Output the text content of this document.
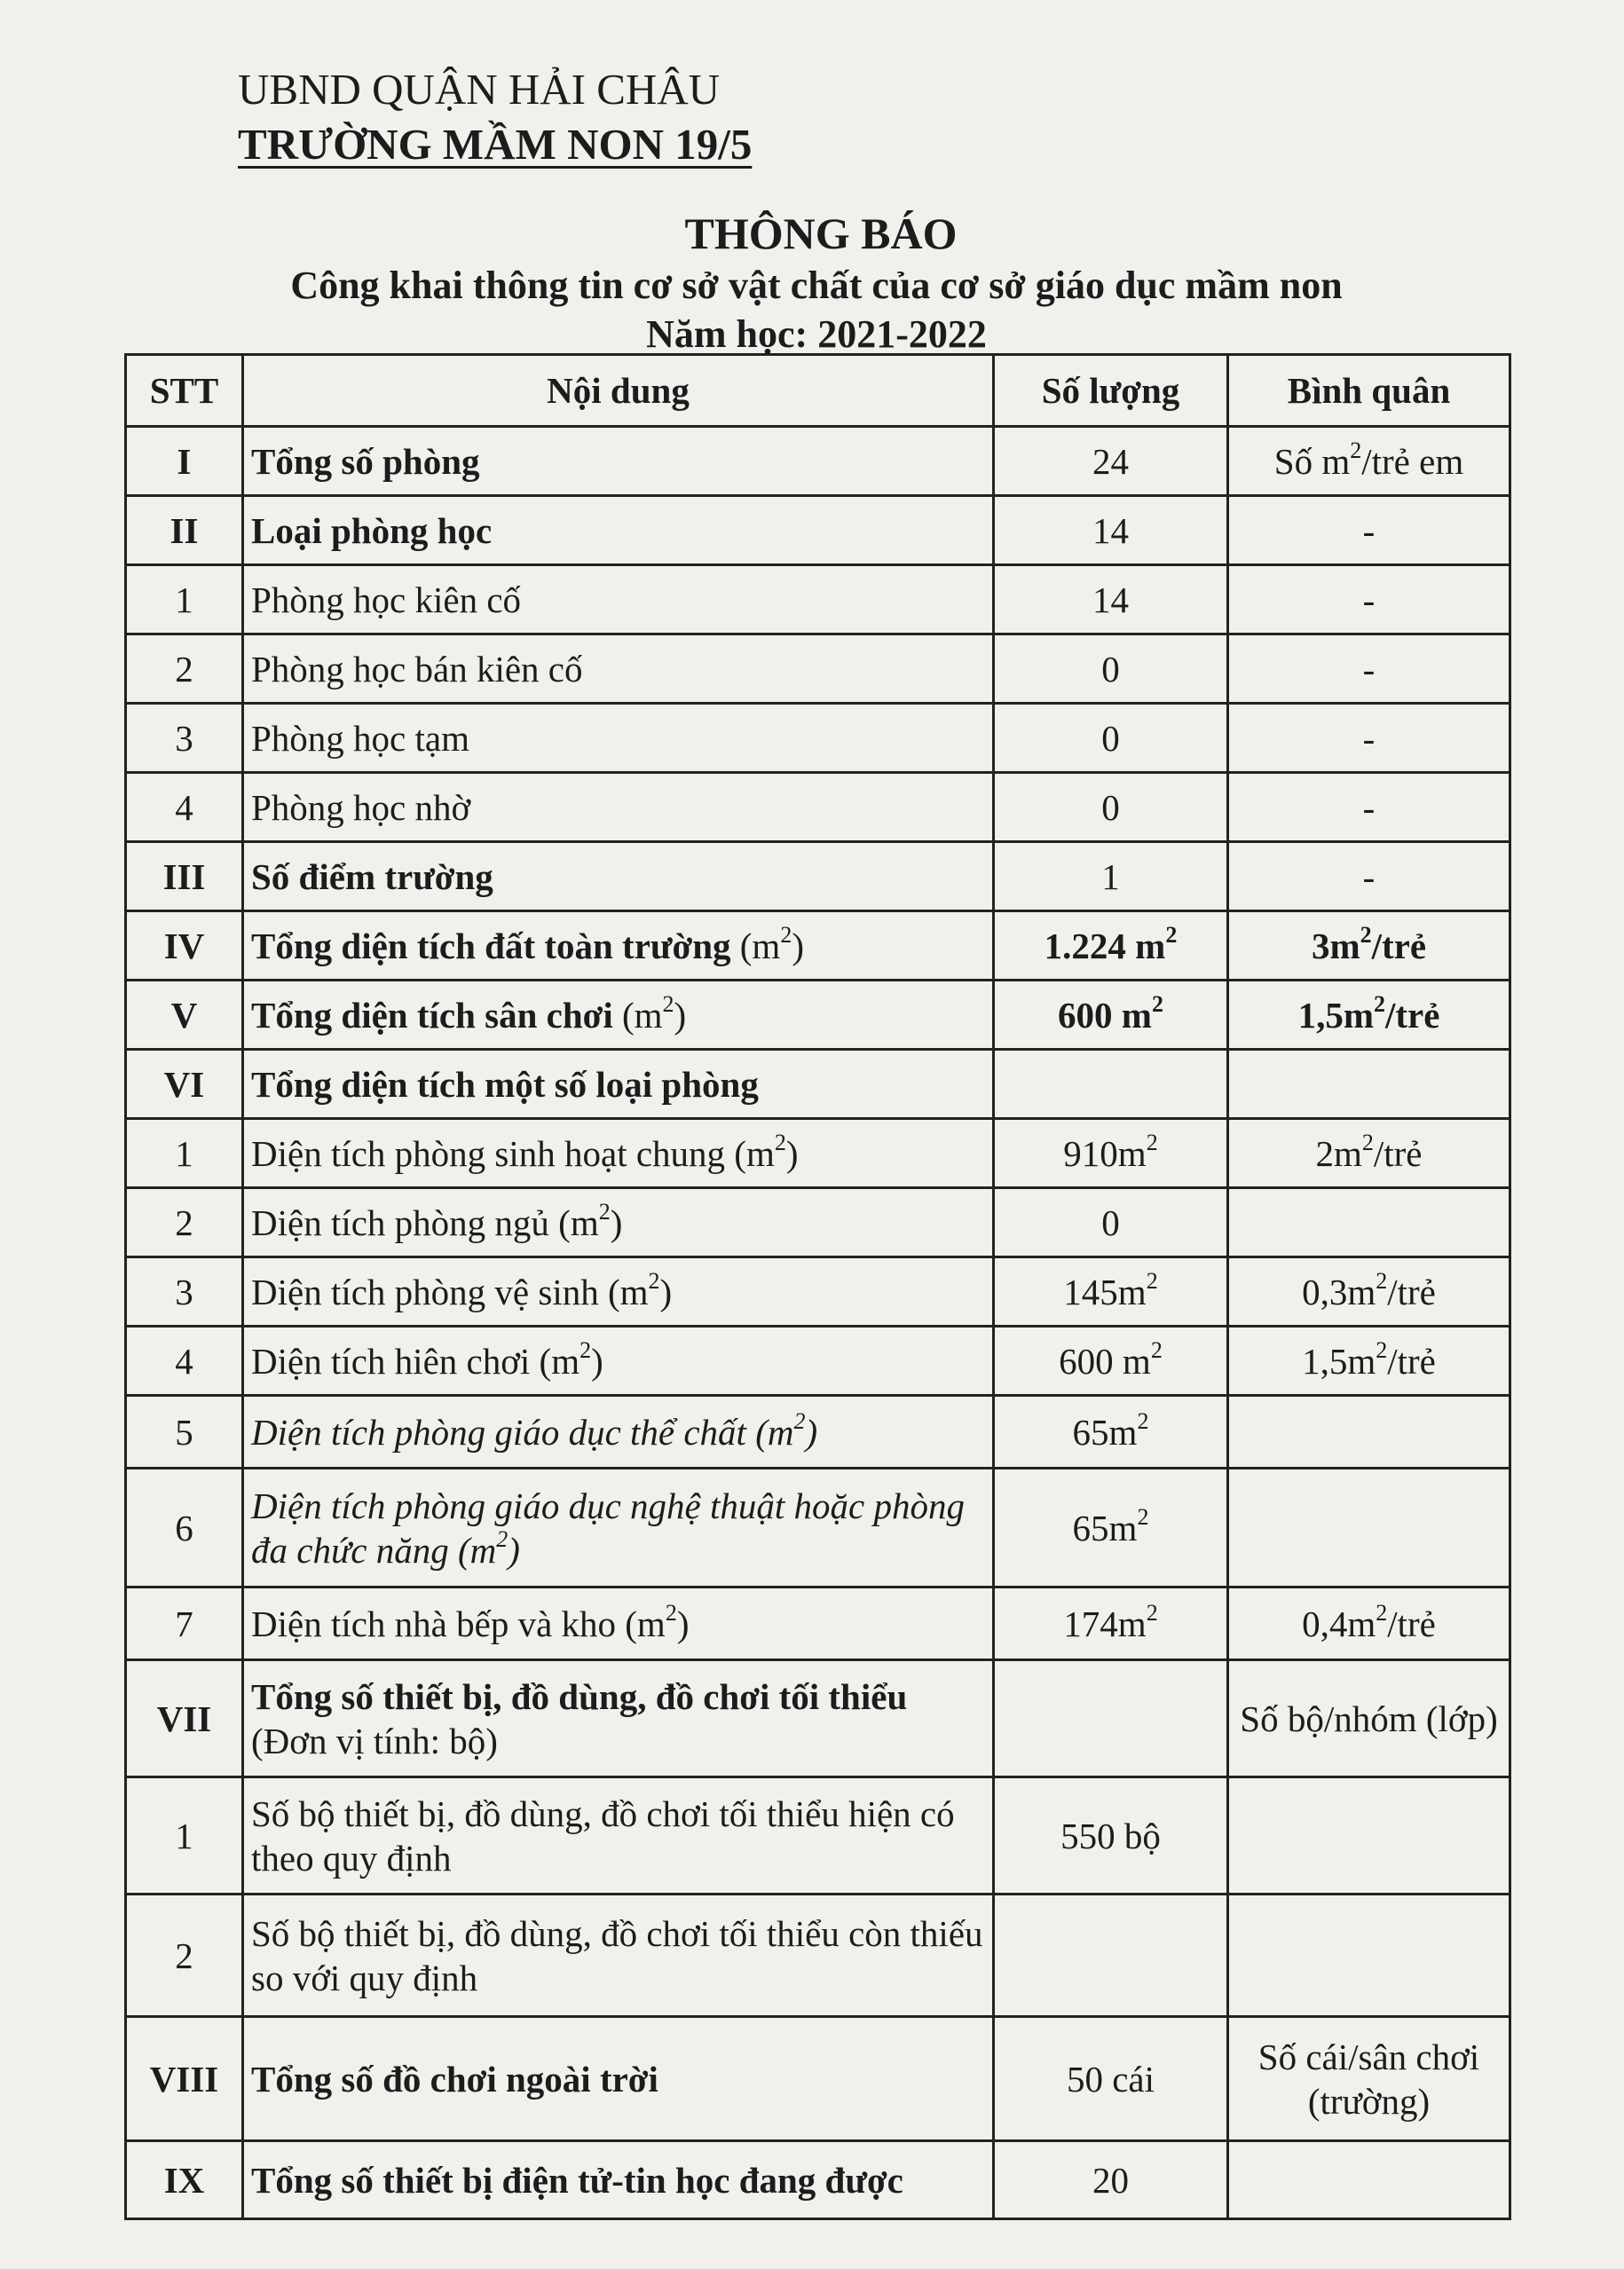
UBND QUẬN HẢI CHÂU
TRƯỜNG MẦM NON 19/5
THÔNG BÁO
Công khai thông tin cơ sở vật chất của cơ sở giáo dục mầm non
Năm học: 2021-2022
STT	Nội dung	Số lượng	Bình quân
I	Tổng số phòng	24	Số $m^2$/trẻ em
II	Loại phòng học	14	-
1	Phòng học kiên cố	14	-
2	Phòng học bán kiên cố	0	-
3	Phòng học tạm	0	-
4	Phòng học nhờ	0	-
III	Số điểm trường	1	-
IV	Tổng diện tích đất toàn trường $(m^2)$	1.224 $m^2$	$3m^2$/trẻ
V	Tổng diện tích sân chơi $(m^2)$	600 $m^2$	$1,5m^2$/trẻ
VI	Tổng diện tích một số loại phòng		
1	Diện tích phòng sinh hoạt chung $(m^2)$	$910m^2$	$2m^2$/trẻ
2	Diện tích phòng ngủ $(m^2)$	0	
3	Diện tích phòng vệ $\sinh (m^2)$	$145m^2$	$0,3m^2$/trẻ
4	Diện tích hiên chơi $(m^2)$	600 $m^2$	$1,5m^2$/trẻ
5	Diện tích phòng giáo dục thể chất $(m^2)$	$65m^2$	
6	Diện tích phòng giáo dục nghệ thuật hoặc phòng đa chức năng $(m^2)$	$65m^2$	
7	Diện tích nhà bếp và kho $(m^2)$	$174m^2$	$0,4m^2$/trẻ
VII	Tổng số thiết bị, đồ dùng, đồ chơi tối thiểu (Đơn vị tính: bộ)		Số bộ/nhóm (lớp)
1	Số bộ thiết bị, đồ dùng, đồ chơi tối thiểu hiện có theo quy định	550 bộ	
2	Số bộ thiết bị, đồ dùng, đồ chơi tối thiểu còn thiếu so với quy định		
VIII	Tổng số đồ chơi ngoài trời	50 cái	Số cái/sân chơi (trường)
IX	Tổng số thiết bị điện tử-tin học đang được	20	
